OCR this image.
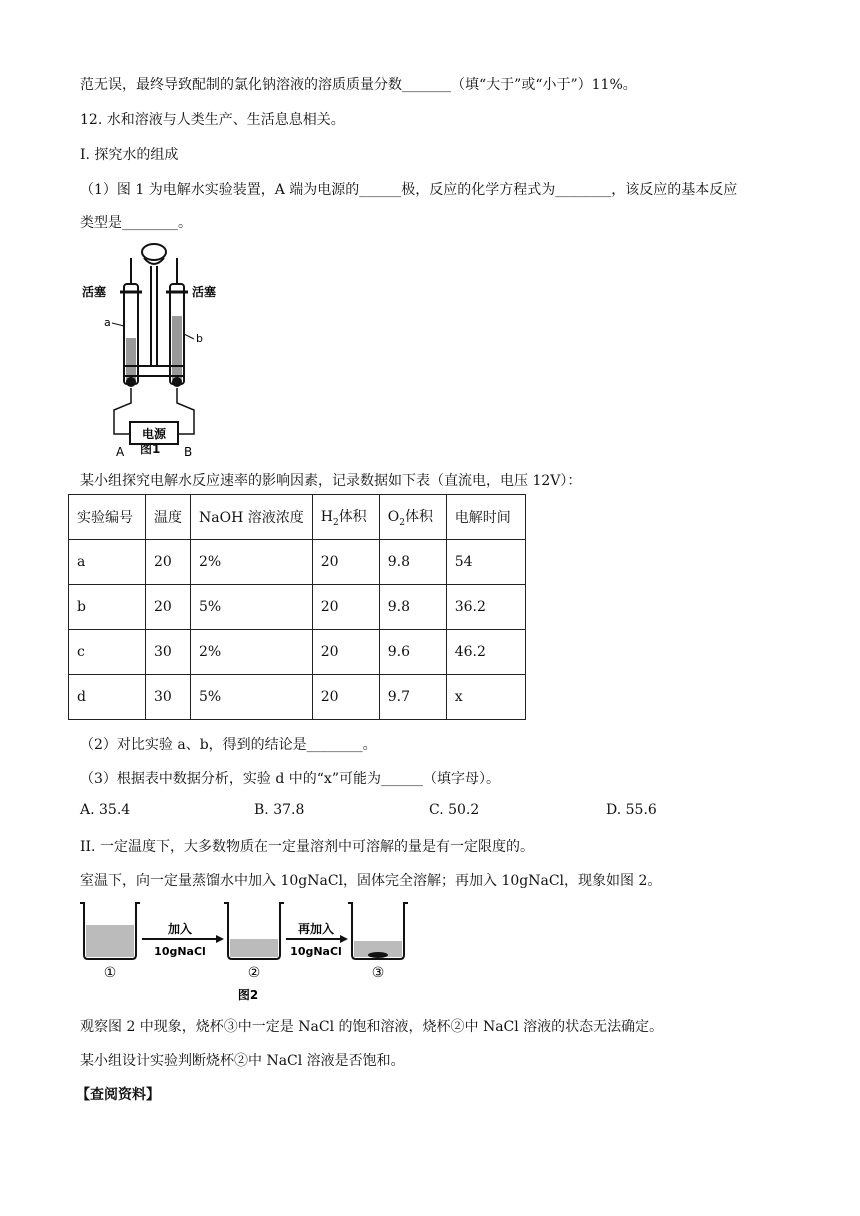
范无误，最终导致配制的氯化钠溶液的溶质质量分数_______（填“大于”或“小于”）11%。
12. 水和溶液与人类生产、生活息息相关。
I. 探究水的组成
（1）图 1 为电解水实验装置，A 端为电源的______极，反应的化学方程式为________，该反应的基本反应
类型是________。
电源
活塞	活塞
a
b
A	B
图1
某小组探究电解水反应速率的影响因素，记录数据如下表（直流电，电压 12V）：
实验编号	温度	NaOH 溶液浓度	$H_2$体积	$O_2$体积	电解时间
a	20	2%	20	9.8	54
b	20	5%	20	9.8	36.2
c	30	2%	20	9.6	46.2
d	30	5%	20	9.7	x
（2）对比实验 a、b，得到的结论是________。
（3）根据表中数据分析，实验 d 中的“x”可能为______（填字母）。
A. 35.4	B. 37.8	C. 50.2	D. 55.6
II. 一定温度下，大多数物质在一定量溶剂中可溶解的量是有一定限度的。
室温下，向一定量蒸馏水中加入 10gNaCl，固体完全溶解；再加入 10gNaCl，现象如图 2。
加入
10gNaCl
再加入
10gNaCl
①	②	③
图2
观察图 2 中现象，烧杯③中一定是 NaCl 的饱和溶液，烧杯②中 NaCl 溶液的状态无法确定。
某小组设计实验判断烧杯②中 NaCl 溶液是否饱和。
【查阅资料】
